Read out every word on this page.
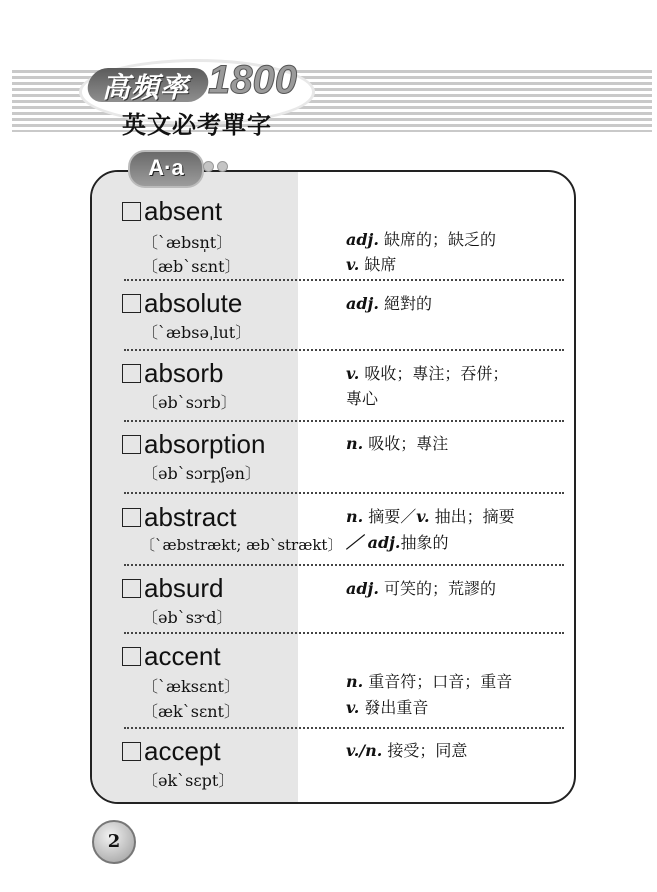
高頻率 1800
英文必考單字
absent
〔`æbsn̩t〕
〔æb`sɛnt〕
adj. 缺席的；缺乏的
v. 缺席
absolute
〔`æbsəˌlut〕
adj. 絕對的
absorb
〔əb`sɔrb〕
v. 吸收；專注；吞併；
專心
absorption
〔əb`sɔrpʃən〕
n. 吸收；專注
abstract
〔`æbstrækt; æb`strækt〕
n. 摘要／v. 抽出；摘要
／ adj.抽象的
absurd
〔əb`sɝd〕
adj. 可笑的；荒謬的
accent
〔`æksɛnt〕
〔æk`sɛnt〕
n. 重音符；口音；重音
v. 發出重音
accept
〔ək`sɛpt〕
v./n. 接受；同意
A·a
2
